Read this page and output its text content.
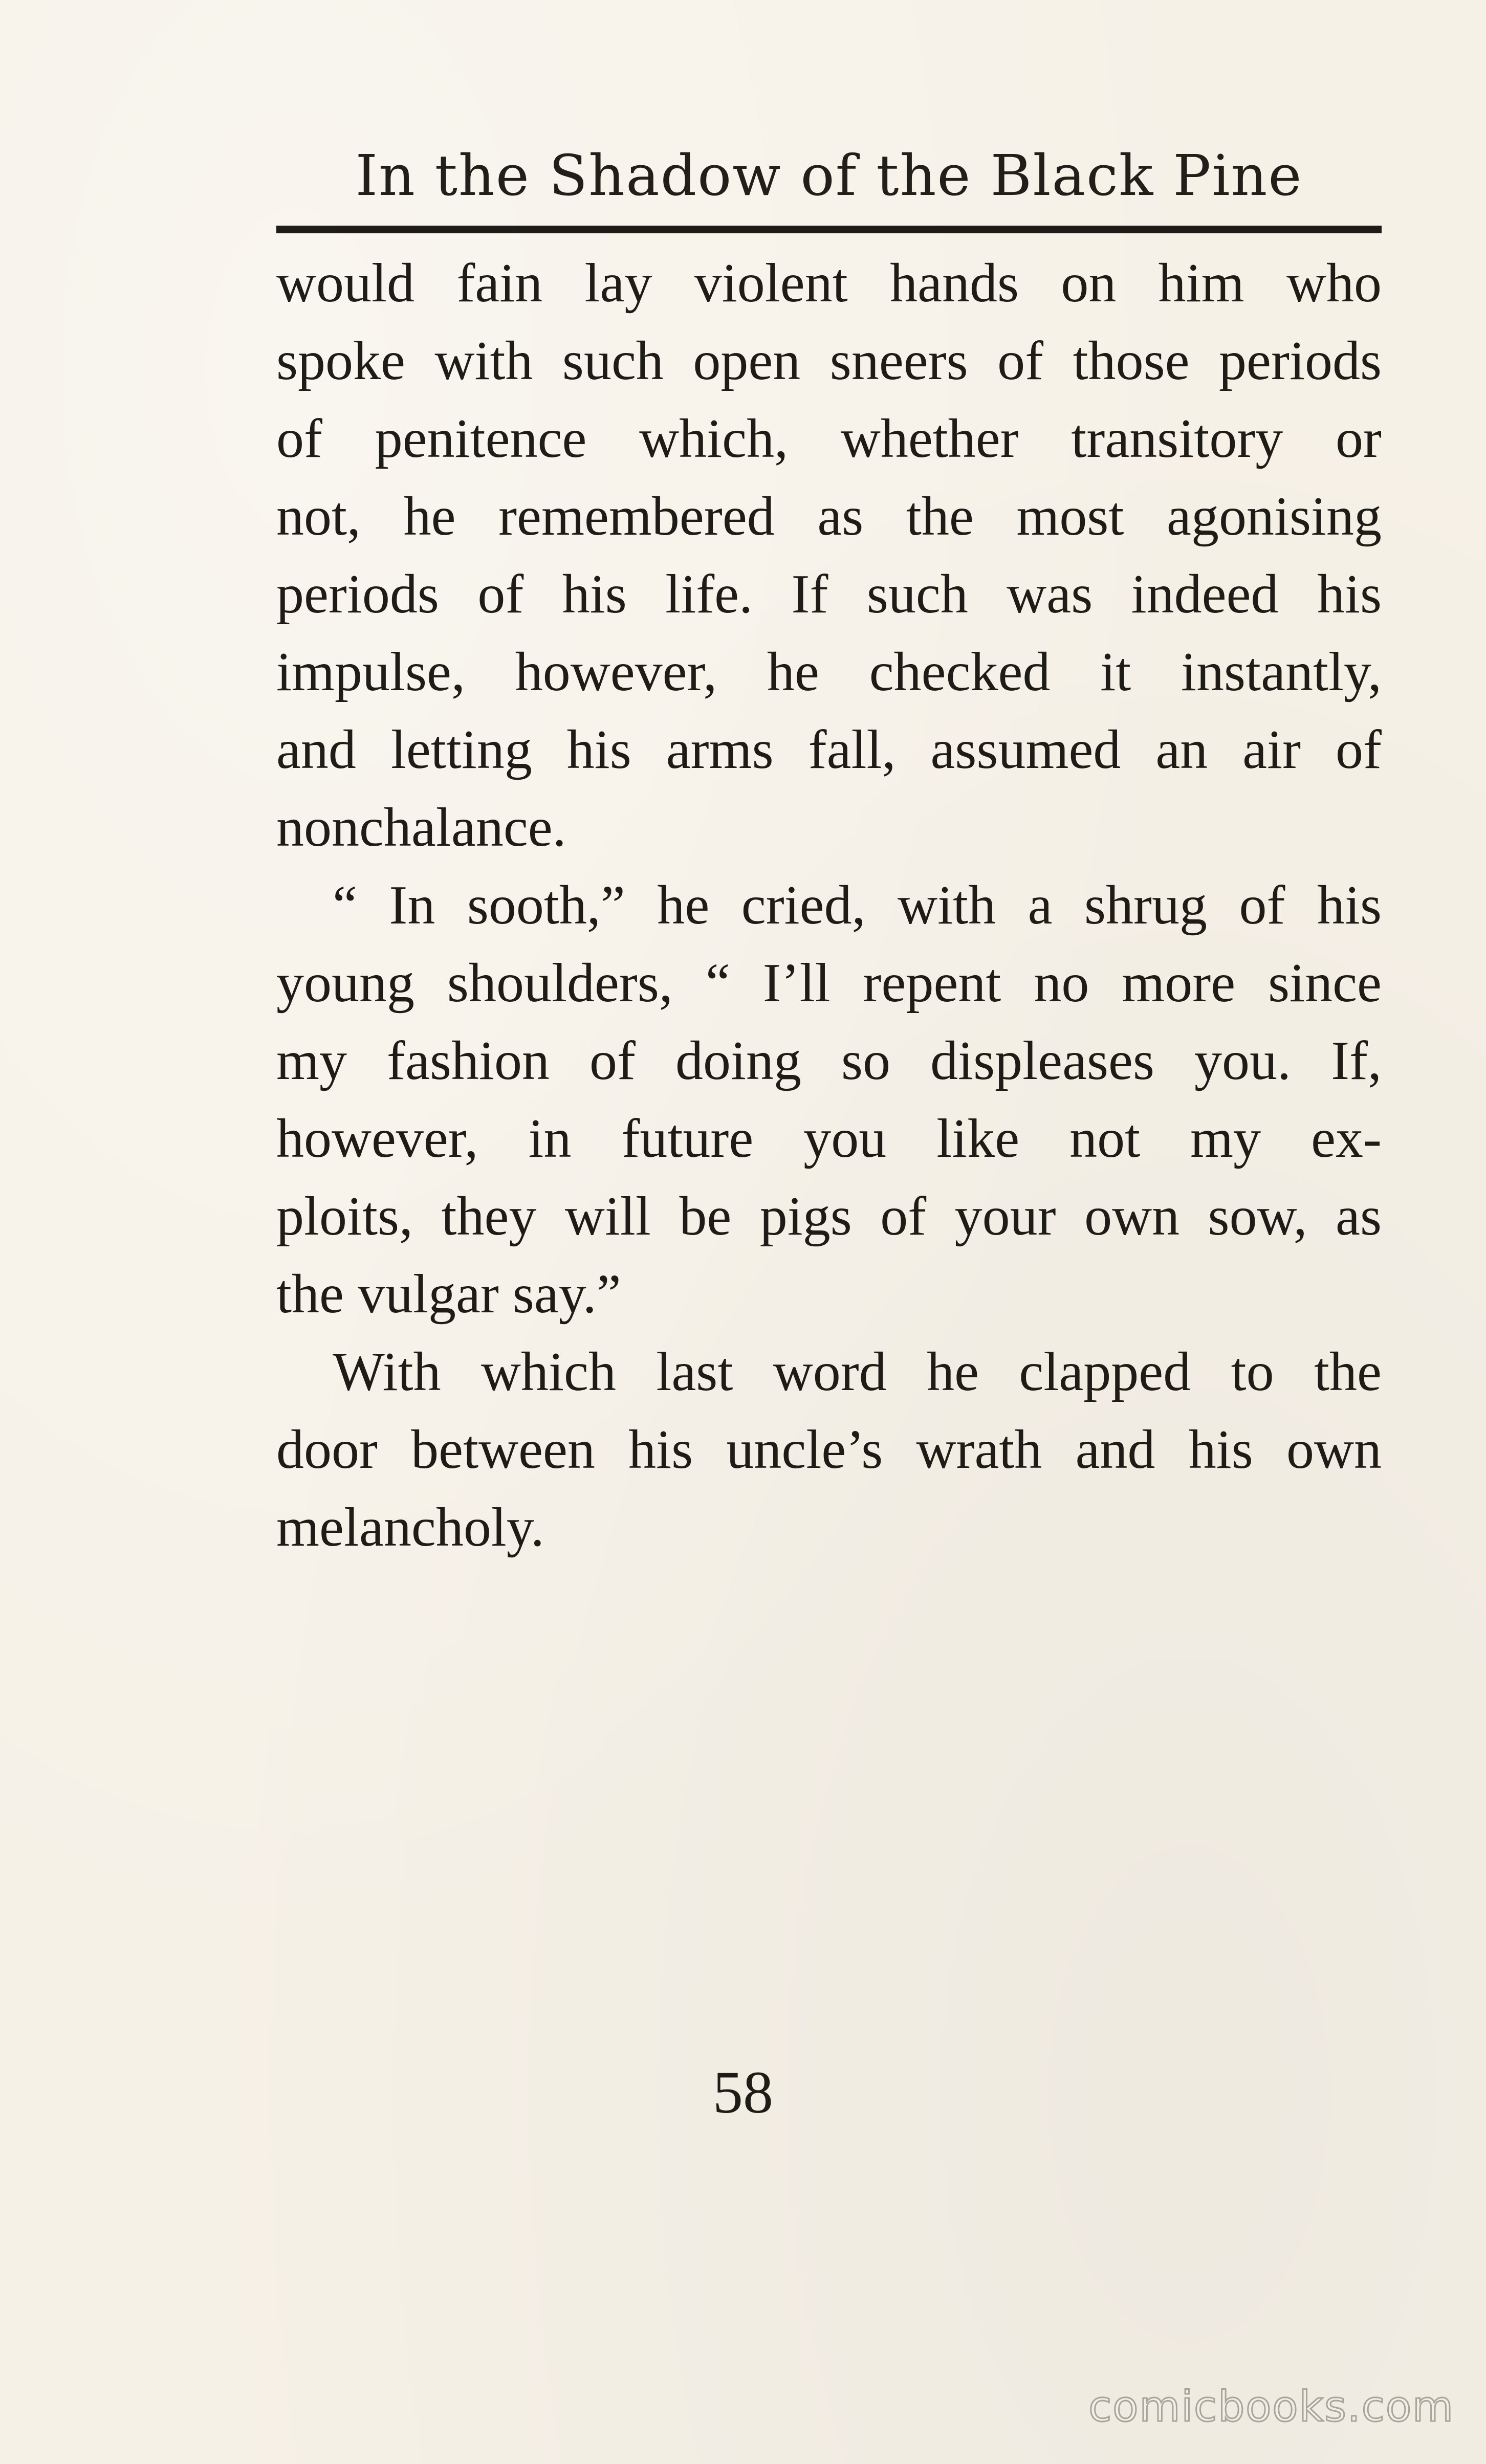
In the Shadow of the Black Pine
would fain lay violent hands on him who
spoke with such open sneers of those periods
of penitence which, whether transitory or
not, he remembered as the most agonising
periods of his life. If such was indeed his
impulse, however, he checked it instantly,
and letting his arms fall, assumed an air of
nonchalance.
“ In sooth,” he cried, with a shrug of his
young shoulders, “ I’ll repent no more since
my fashion of doing so displeases you. If,
however, in future you like not my ex-
ploits, they will be pigs of your own sow, as
the vulgar say.”
With which last word he clapped to the
door between his uncle’s wrath and his own
melancholy.
58
comicbooks.com
